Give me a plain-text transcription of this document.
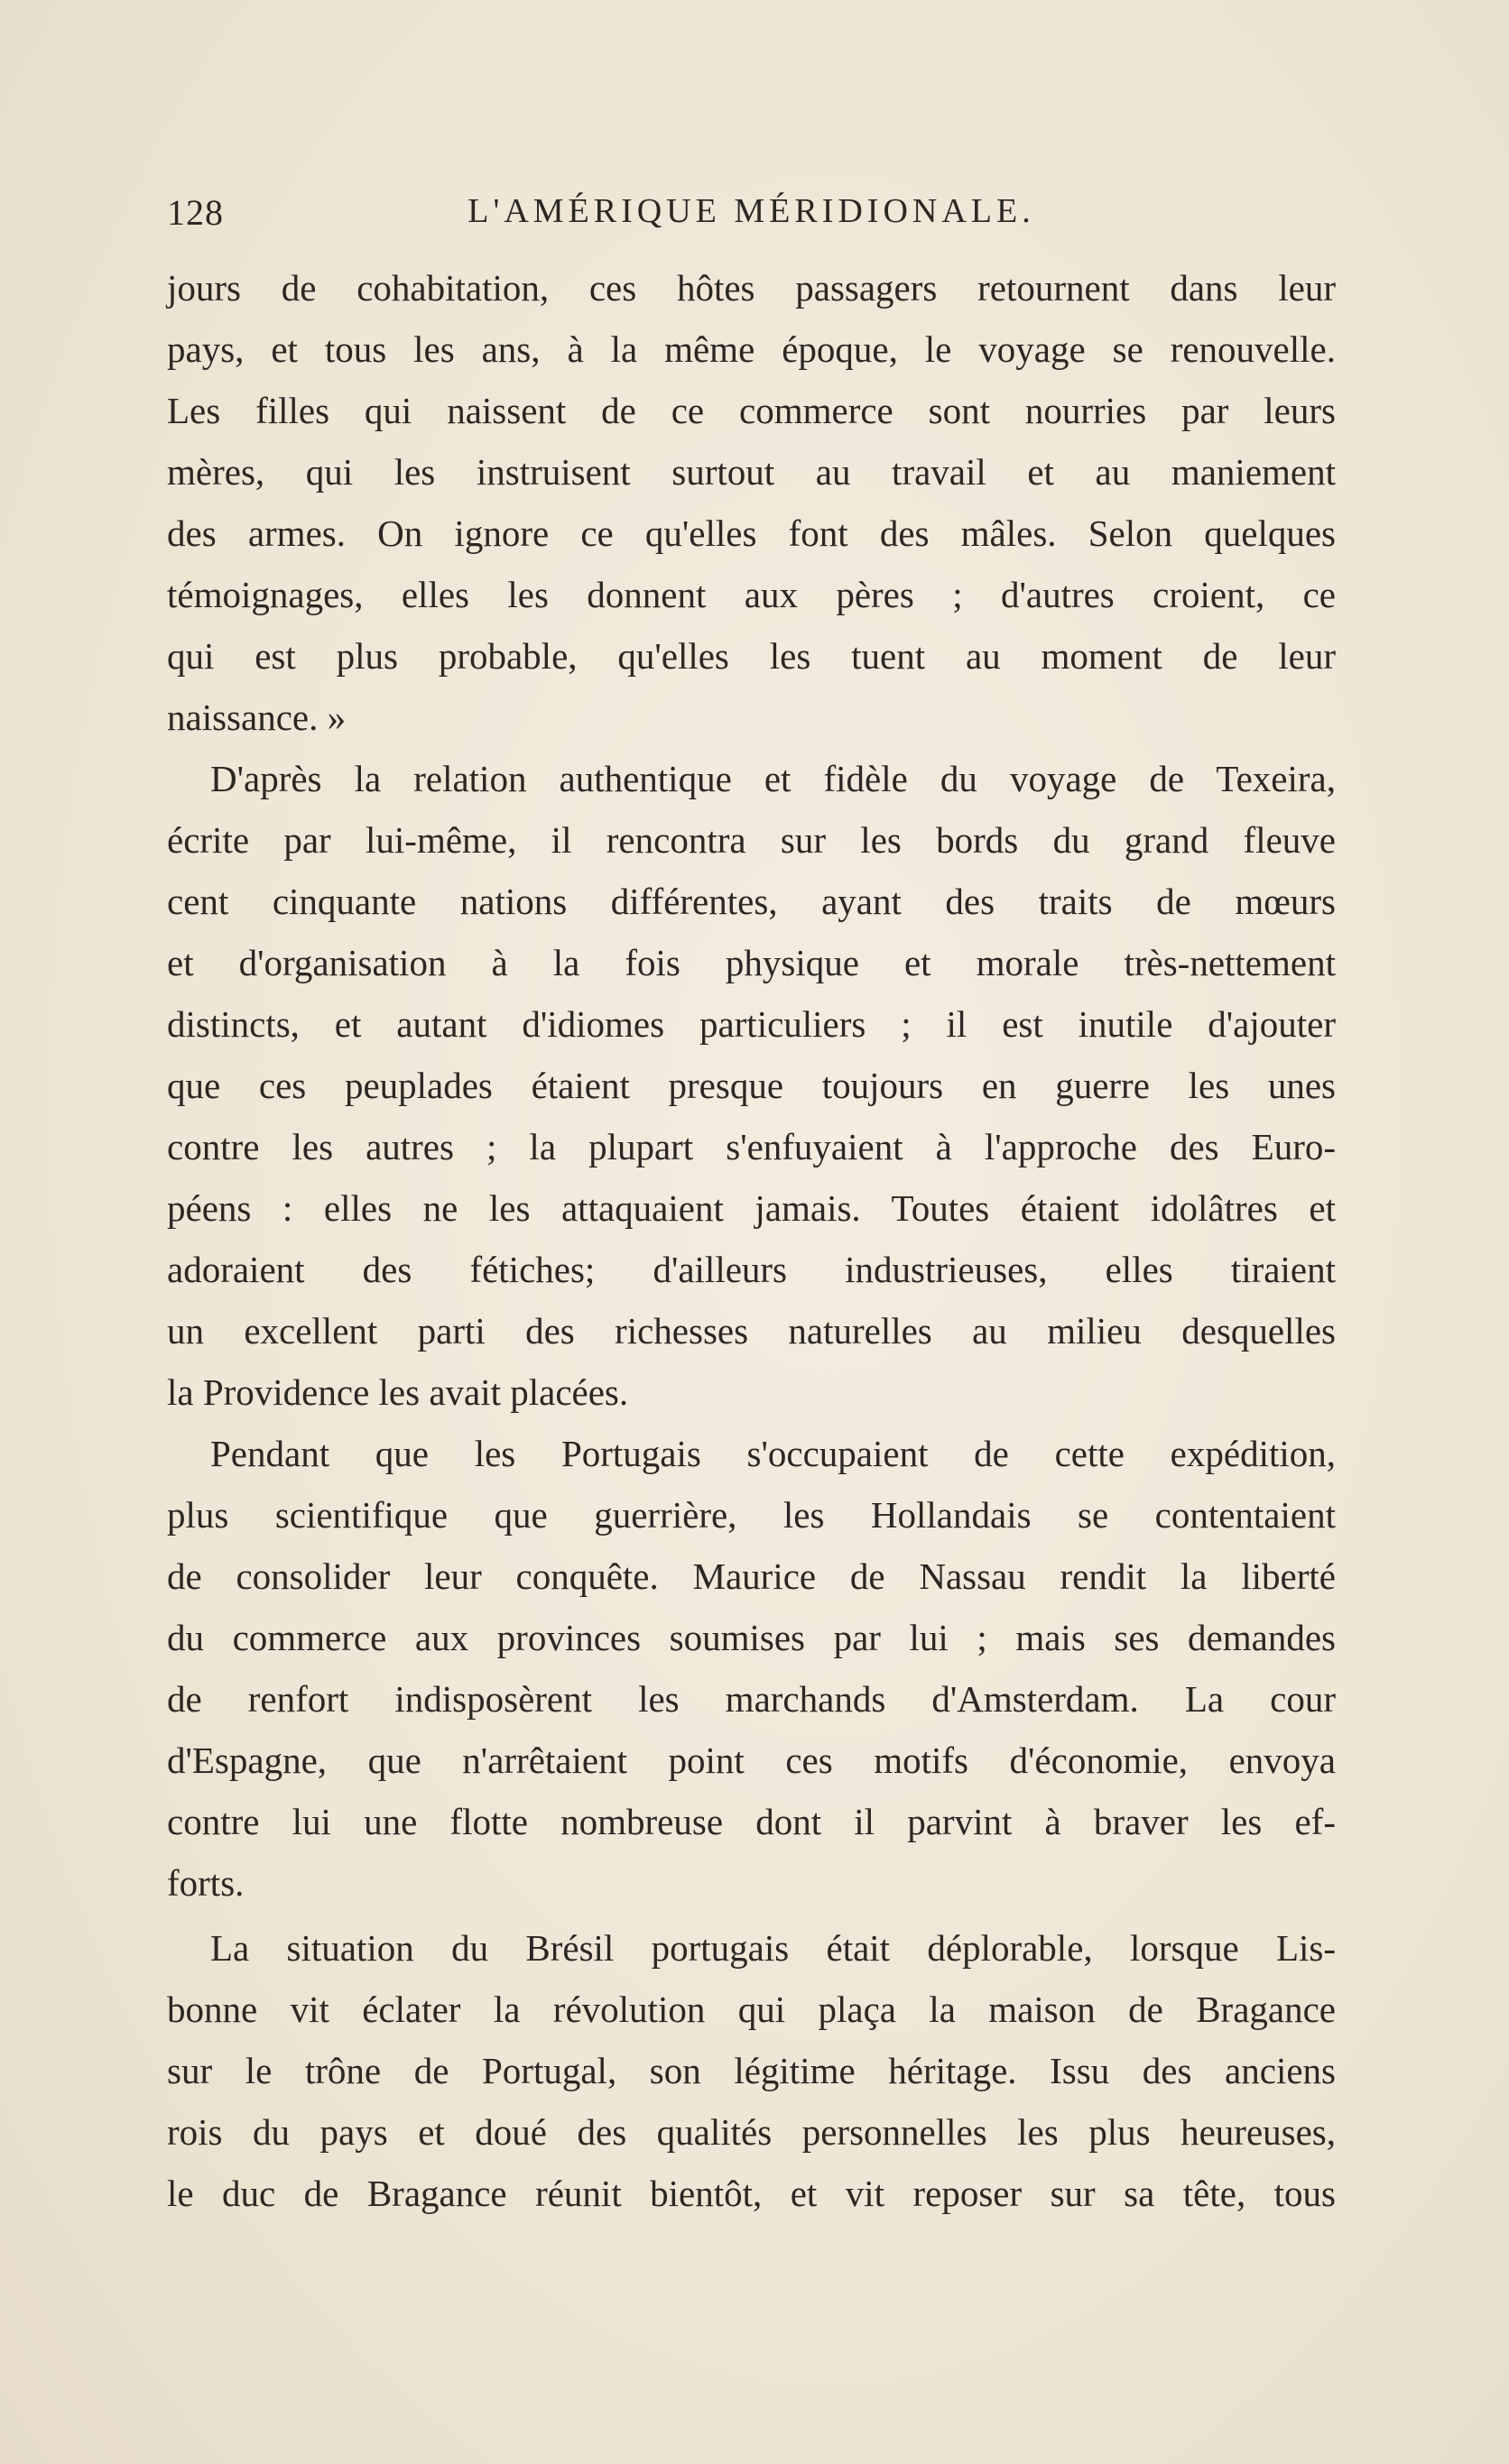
128	L'AMÉRIQUE MÉRIDIONALE.
jours de cohabitation, ces hôtes passagers retournent dans leur
pays, et tous les ans, à la même époque, le voyage se renouvelle.
Les filles qui naissent de ce commerce sont nourries par leurs
mères, qui les instruisent surtout au travail et au maniement
des armes. On ignore ce qu'elles font des mâles. Selon quelques
témoignages, elles les donnent aux pères ; d'autres croient, ce
qui est plus probable, qu'elles les tuent au moment de leur
naissance. »
D'après la relation authentique et fidèle du voyage de Texeira,
écrite par lui-même, il rencontra sur les bords du grand fleuve
cent cinquante nations différentes, ayant des traits de mœurs
et d'organisation à la fois physique et morale très-nettement
distincts, et autant d'idiomes particuliers ; il est inutile d'ajouter
que ces peuplades étaient presque toujours en guerre les unes
contre les autres ; la plupart s'enfuyaient à l'approche des Euro-
péens : elles ne les attaquaient jamais. Toutes étaient idolâtres et
adoraient des fétiches; d'ailleurs industrieuses, elles tiraient
un excellent parti des richesses naturelles au milieu desquelles
la Providence les avait placées.
Pendant que les Portugais s'occupaient de cette expédition,
plus scientifique que guerrière, les Hollandais se contentaient
de consolider leur conquête. Maurice de Nassau rendit la liberté
du commerce aux provinces soumises par lui ; mais ses demandes
de renfort indisposèrent les marchands d'Amsterdam. La cour
d'Espagne, que n'arrêtaient point ces motifs d'économie, envoya
contre lui une flotte nombreuse dont il parvint à braver les ef-
forts.
La situation du Brésil portugais était déplorable, lorsque Lis-
bonne vit éclater la révolution qui plaça la maison de Bragance
sur le trône de Portugal, son légitime héritage. Issu des anciens
rois du pays et doué des qualités personnelles les plus heureuses,
le duc de Bragance réunit bientôt, et vit reposer sur sa tête, tous
